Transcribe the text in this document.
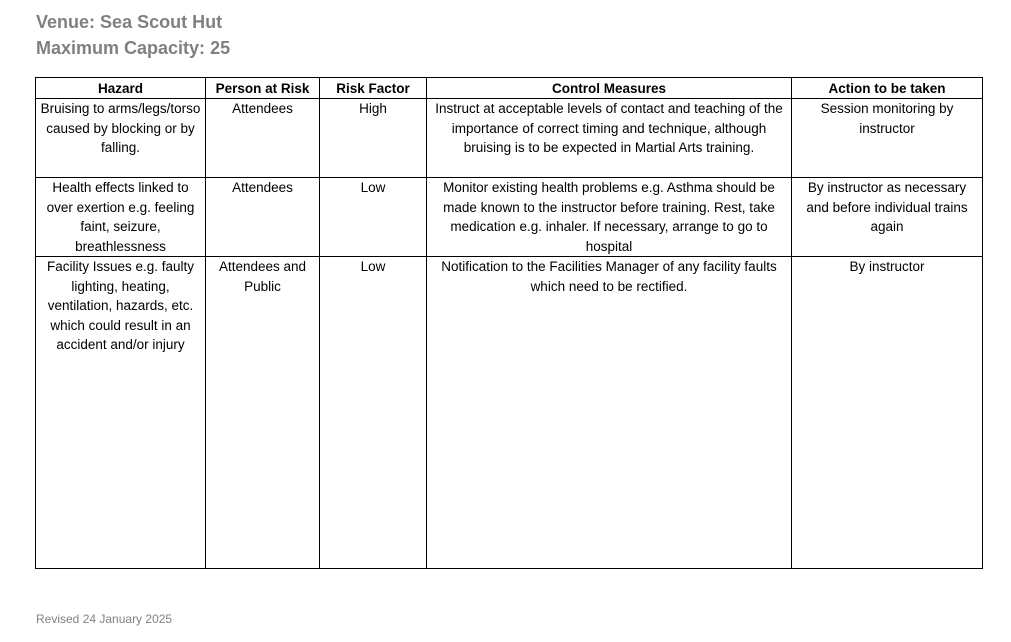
Venue: Sea Scout Hut
Maximum Capacity: 25
Hazard	Person at Risk	Risk Factor	Control Measures	Action to be taken
Bruising to arms/legs/torso caused by blocking or by falling.	Attendees	High	Instruct at acceptable levels of contact and teaching of the importance of correct timing and technique, although bruising is to be expected in Martial Arts training.	Session monitoring by instructor
Health effects linked to over exertion e.g. feeling faint, seizure, breathlessness	Attendees	Low	Monitor existing health problems e.g. Asthma should be made known to the instructor before training. Rest, take medication e.g. inhaler. If necessary, arrange to go to hospital	By instructor as necessary and before individual trains again
Facility Issues e.g. faulty lighting, heating, ventilation, hazards, etc. which could result in an accident and/or injury	Attendees and Public	Low	Notification to the Facilities Manager of any facility faults which need to be rectified.	By instructor
Revised 24 January 2025
